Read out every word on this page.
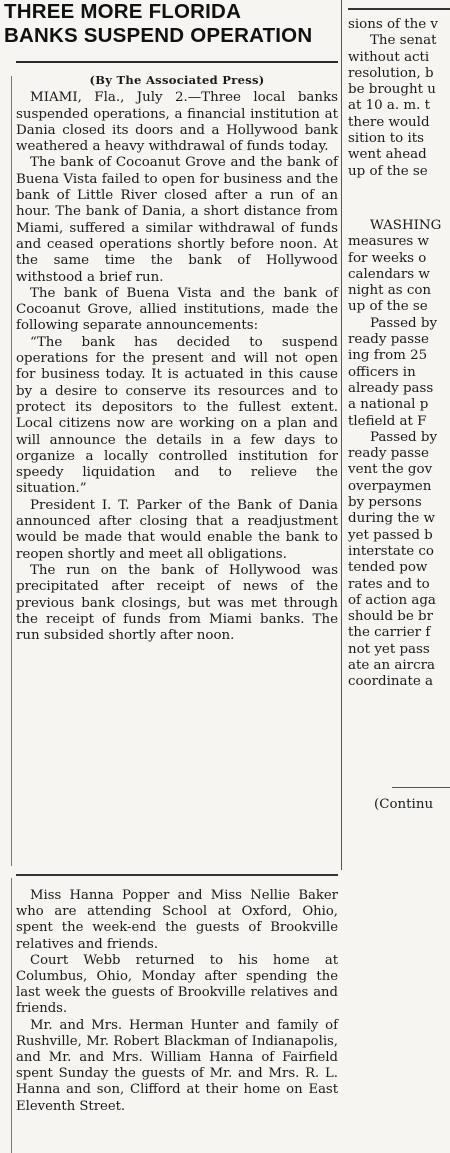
THREE MORE FLORIDA
BANKS SUSPEND OPERATION

(By The Associated Press)

MIAMI, Fla., July 2.—Three local banks suspended operations, a financial institution at Dania closed its doors and a Hollywood bank weathered a heavy withdrawal of funds today.

The bank of Cocoanut Grove and the bank of Buena Vista failed to open for business and the bank of Little River closed after a run of an hour. The bank of Dania, a short distance from Miami, suffered a similar withdrawal of funds and ceased operations shortly before noon. At the same time the bank of Hollywood withstood a brief run.

The bank of Buena Vista and the bank of Cocoanut Grove, allied institutions, made the following separate announcements:

“The bank has decided to suspend operations for the present and will not open for business today. It is actuated in this cause by a desire to conserve its resources and to protect its depositors to the fullest extent. Local citizens now are working on a plan and will announce the details in a few days to organize a locally controlled institution for speedy liquidation and to relieve the situation.”

President I. T. Parker of the Bank of Dania announced after closing that a readjustment would be made that would enable the bank to reopen shortly and meet all obligations.

The run on the bank of Hollywood was precipitated after receipt of news of the previous bank closings, but was met through the receipt of funds from Miami banks. The run subsided shortly after noon.

Miss Hanna Popper and Miss Nellie Baker who are attending School at Oxford, Ohio, spent the week-end the guests of Brookville relatives and friends.

Court Webb returned to his home at Columbus, Ohio, Monday after spending the last week the guests of Brookville relatives and friends.

Mr. and Mrs. Herman Hunter and family of Rushville, Mr. Robert Blackman of Indianapolis, and Mr. and Mrs. William Hanna of Fairfield spent Sunday the guests of Mr. and Mrs. R. L. Hanna and son, Clifford at their home on East Eleventh Street.

sions of the v
The senat
without acti
resolution, b
be brought u
at 10 a. m. t
there would
sition to its
went ahead
up of the se
WASHING
measures w
for weeks o
calendars w
night as con
up of the se
Passed by
ready passe
ing from 25
officers in
already pass
a national p
tlefield at F
Passed by
ready passe
vent the gov
overpaymen
by persons
during the w
yet passed b
interstate co
tended pow
rates and to
of action aga
should be br
the carrier f
not yet pass
ate an aircra
coordinate a
(Continu
